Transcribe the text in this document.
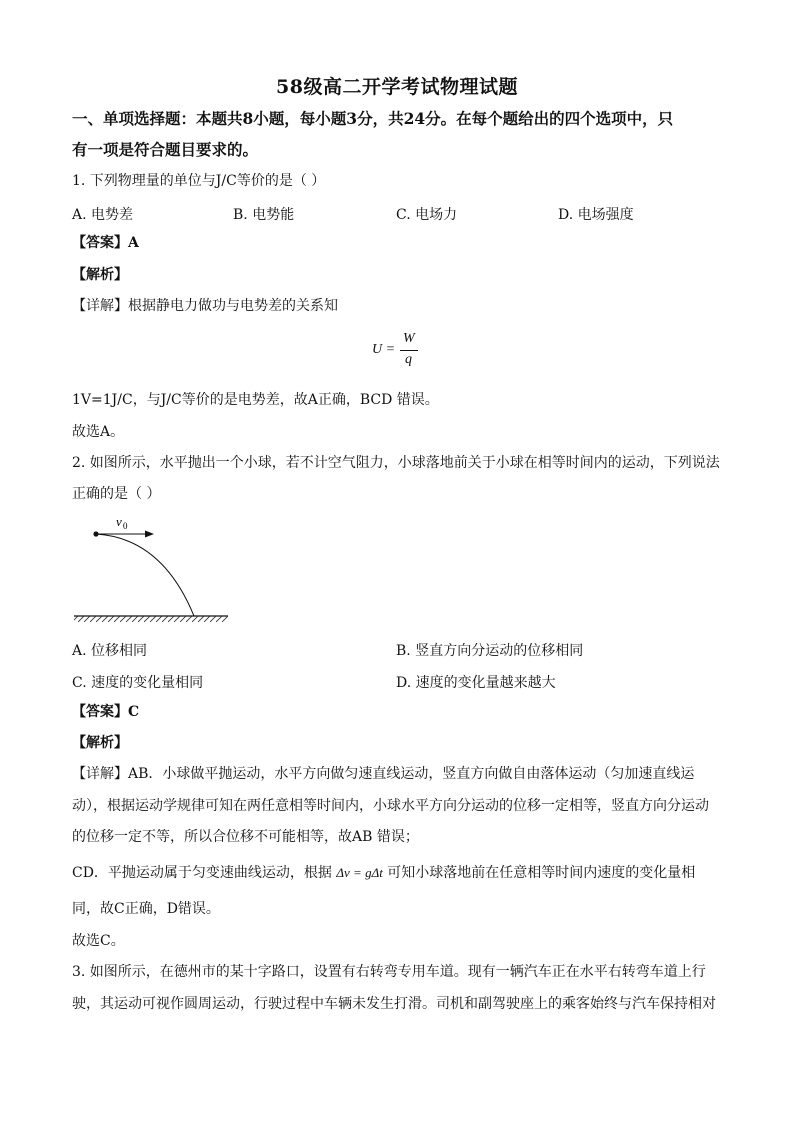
58级高二开学考试物理试题
一、单项选择题：本题共8小题，每小题3分，共24分。在每个题给出的四个选项中，只
有一项是符合题目要求的。
1. 下列物理量的单位与J/C等价的是（ ）
A. 电势差	B. 电势能	C. 电场力	D. 电场强度
【答案】A
【解析】
【详解】根据静电力做功与电势差的关系知
U =
W
q
1V=1J/C，与J/C等价的是电势差，故A正确，BCD 错误。
故选A。
2. 如图所示，水平抛出一个小球，若不计空气阻力，小球落地前关于小球在相等时间内的运动，下列说法
正确的是（ ）
v 0
A. 位移相同	B. 竖直方向分运动的位移相同
C. 速度的变化量相同	D. 速度的变化量越来越大
【答案】C
【解析】
【详解】AB．小球做平抛运动，水平方向做匀速直线运动，竖直方向做自由落体运动（匀加速直线运
动），根据运动学规律可知在两任意相等时间内，小球水平方向分运动的位移一定相等，竖直方向分运动
的位移一定不等，所以合位移不可能相等，故AB 错误；
CD．平抛运动属于匀变速曲线运动，根据 Δv = gΔt 可知小球落地前在任意相等时间内速度的变化量相
同，故C正确，D错误。
故选C。
3. 如图所示，在德州市的某十字路口，设置有右转弯专用车道。现有一辆汽车正在水平右转弯车道上行
驶，其运动可视作圆周运动，行驶过程中车辆未发生打滑。司机和副驾驶座上的乘客始终与汽车保持相对
